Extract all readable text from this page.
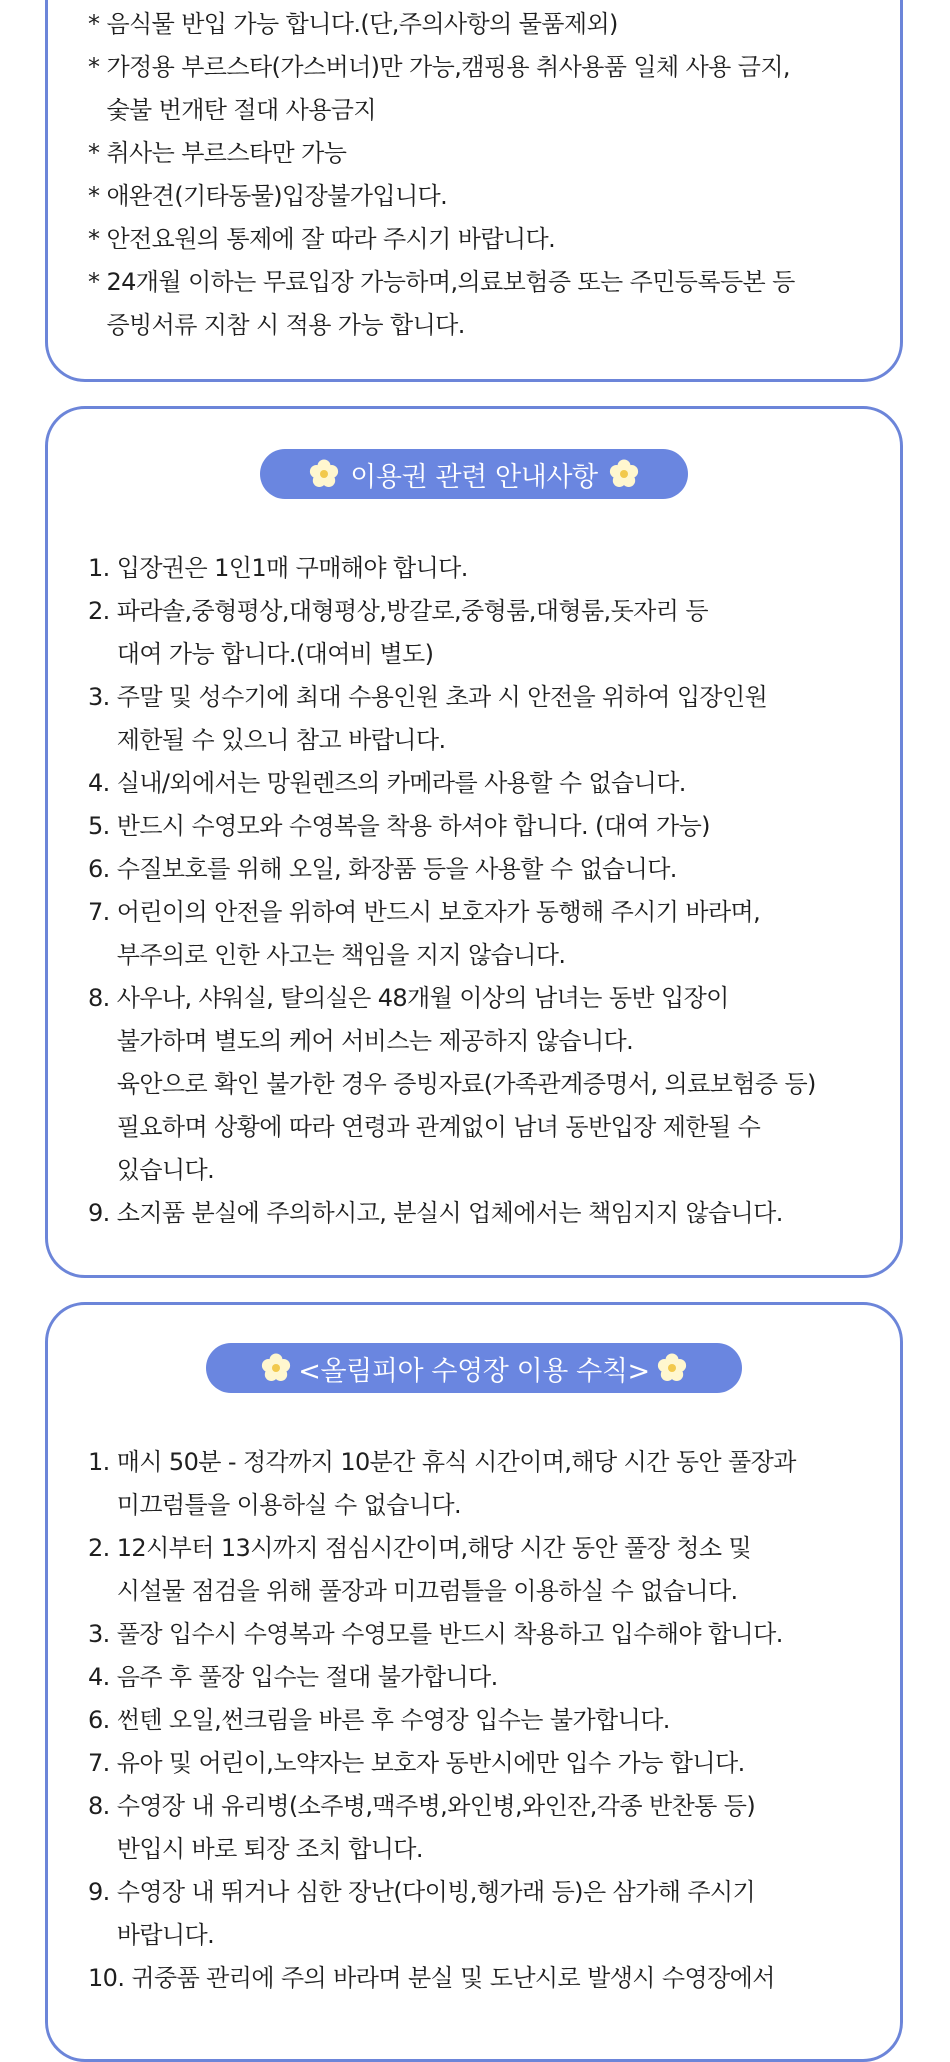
* 음식물 반입 가능 합니다.(단,주의사항의 물품제외)
* 가정용 부르스타(가스버너)만 가능,캠핑용 취사용품 일체 사용 금지,
숯불 번개탄 절대 사용금지
* 취사는 부르스타만 가능
* 애완견(기타동물)입장불가입니다.
* 안전요원의 통제에 잘 따라 주시기 바랍니다.
* 24개월 이하는 무료입장 가능하며,의료보험증 또는 주민등록등본 등
증빙서류 지참 시 적용 가능 합니다.
이용권 관련 안내사항
1. 입장권은 1인1매 구매해야 합니다.
2. 파라솔,중형평상,대형평상,방갈로,중형룸,대형룸,돗자리 등
대여 가능 합니다.(대여비 별도)
3. 주말 및 성수기에 최대 수용인원 초과 시 안전을 위하여 입장인원
제한될 수 있으니 참고 바랍니다.
4. 실내/외에서는 망원렌즈의 카메라를 사용할 수 없습니다.
5. 반드시 수영모와 수영복을 착용 하셔야 합니다. (대여 가능)
6. 수질보호를 위해 오일, 화장품 등을 사용할 수 없습니다.
7. 어린이의 안전을 위하여 반드시 보호자가 동행해 주시기 바라며,
부주의로 인한 사고는 책임을 지지 않습니다.
8. 사우나, 샤워실, 탈의실은 48개월 이상의 남녀는 동반 입장이
불가하며 별도의 케어 서비스는 제공하지 않습니다.
육안으로 확인 불가한 경우 증빙자료(가족관계증명서, 의료보험증 등)
필요하며 상황에 따라 연령과 관계없이 남녀 동반입장 제한될 수
있습니다.
9. 소지품 분실에 주의하시고, 분실시 업체에서는 책임지지 않습니다.
<올림피아 수영장 이용 수칙>
1. 매시 50분 - 정각까지 10분간 휴식 시간이며,해당 시간 동안 풀장과
미끄럼틀을 이용하실 수 없습니다.
2. 12시부터 13시까지 점심시간이며,해당 시간 동안 풀장 청소 및
시설물 점검을 위해 풀장과 미끄럼틀을 이용하실 수 없습니다.
3. 풀장 입수시 수영복과 수영모를 반드시 착용하고 입수해야 합니다.
4. 음주 후 풀장 입수는 절대 불가합니다.
6. 썬텐 오일,썬크림을 바른 후 수영장 입수는 불가합니다.
7. 유아 및 어린이,노약자는 보호자 동반시에만 입수 가능 합니다.
8. 수영장 내 유리병(소주병,맥주병,와인병,와인잔,각종 반찬통 등)
반입시 바로 퇴장 조치 합니다.
9. 수영장 내 뛰거나 심한 장난(다이빙,헹가래 등)은 삼가해 주시기
바랍니다.
10. 귀중품 관리에 주의 바라며 분실 및 도난시로 발생시 수영장에서
